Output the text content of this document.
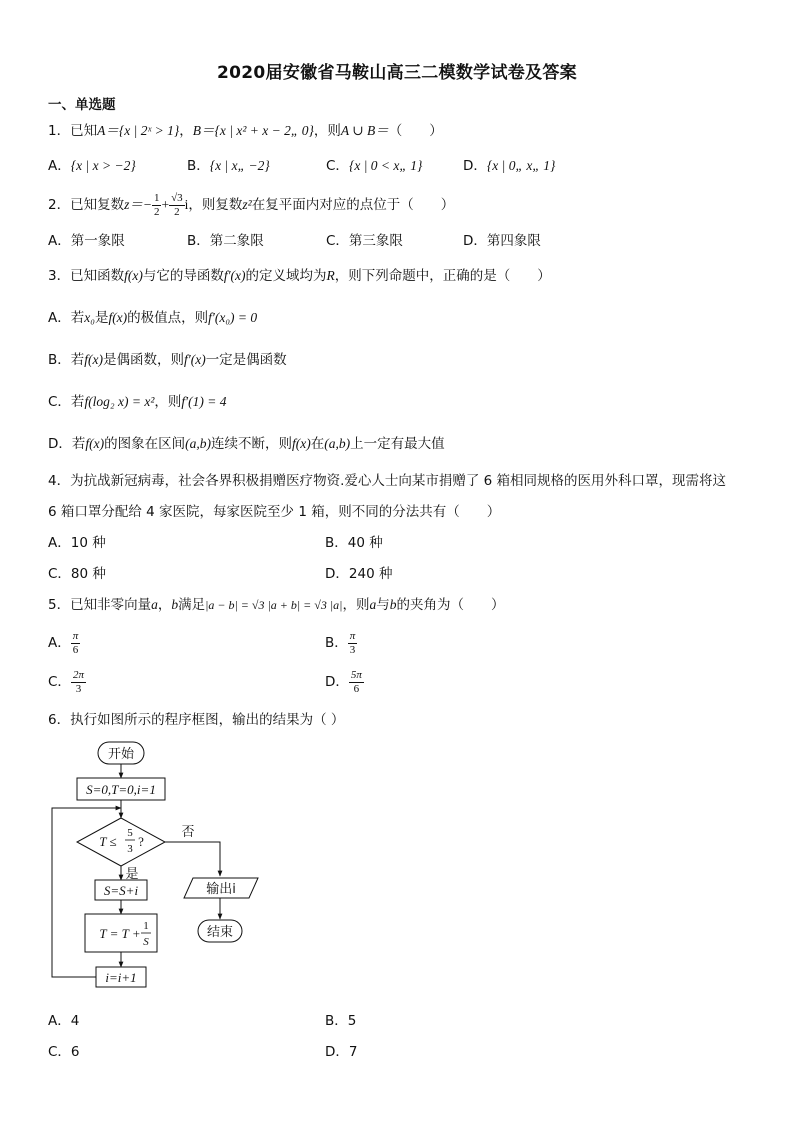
2020届安徽省马鞍山高三二模数学试卷及答案
一、单选题
1．已知A＝{x | 2ˣ > 1}，B＝{x | x² + x − 2„ 0}，则A ∪ B＝（　　）
A．{x | x > −2}	B．{x | x„ −2}	C．{x | 0 < x„ 1}	D．{x | 0„ x„ 1}
2．已知复数$z=- \frac{1}{2} + \frac{√3}{2}$ i，则复数z²在复平面内对应的点位于（　　）
A．第一象限	B．第二象限	C．第三象限	D．第四象限
3．已知函数f(x)与它的导函数f′(x)的定义域均为R，则下列命题中，正确的是（　　）
A．若x₀是f(x)的极值点，则f′(x₀) = 0
B．若f(x)是偶函数，则f′(x)一定是偶函数
C．若f(log₂ x) = x²，则f′(1) = 4
D．若f(x)的图象在区间(a,b)连续不断，则f(x)在(a,b)上一定有最大值
4．为抗战新冠病毒，社会各界积极捐赠医疗物资.爱心人士向某市捐赠了 6 箱相同规格的医用外科口罩，现需将这
6 箱口罩分配给 4 家医院，每家医院至少 1 箱，则不同的分法共有（　　）
A．10 种	B．40 种
C．80 种	D．240 种
5．已知非零向量a，b满足|a − b| = √3 |a + b| = √3 |a|，则a与b的夹角为（　　）
A． $\frac{\pi}{6}$	B． $\frac{\pi}{3}$
C． $\frac{2\pi}{3}$	D． $\frac{5\pi}{6}$
6．执行如图所示的程序框图，输出的结果为（ ）
开始
S=0,T=0,i=1
T ≤
5
3 ?
否
是
S=S+i
T = T + 1
S
i=i+1
输出i
结束
A．4	B．5
C．6	D．7
